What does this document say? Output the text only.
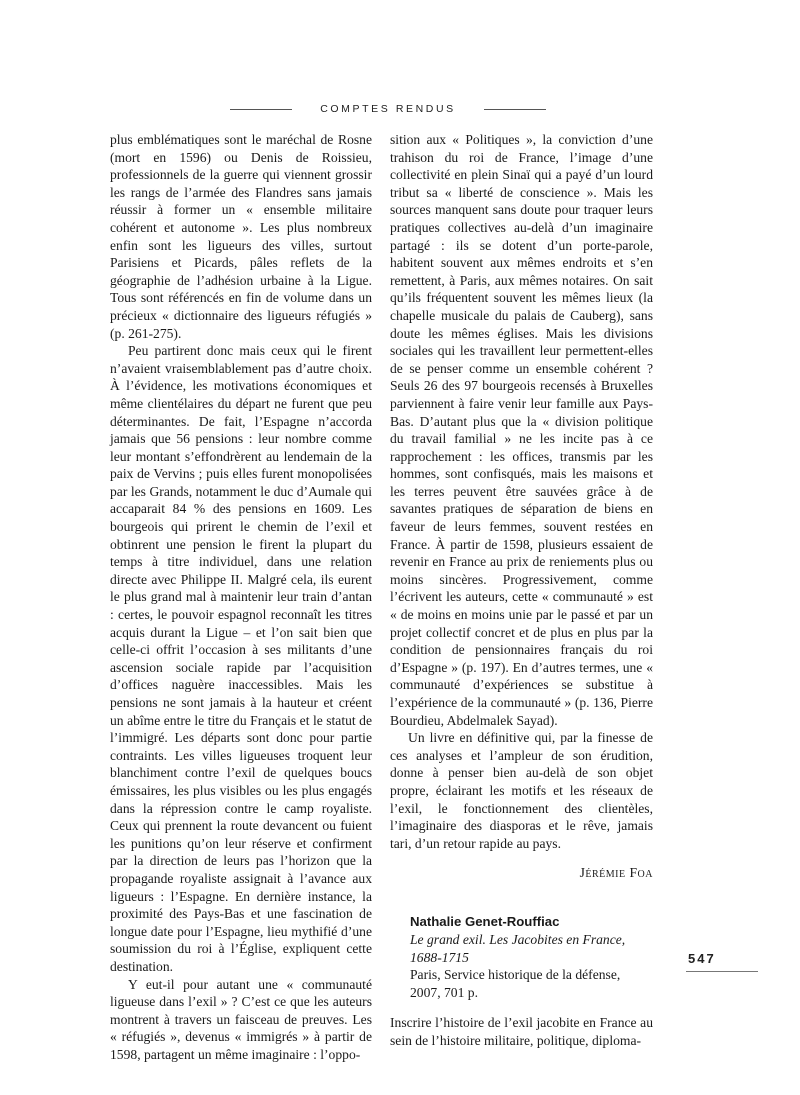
COMPTES RENDUS

plus emblématiques sont le maréchal de Rosne (mort en 1596) ou Denis de Roissieu, professionnels de la guerre qui viennent grossir les rangs de l’armée des Flandres sans jamais réussir à former un « ensemble militaire cohérent et autonome ». Les plus nombreux enfin sont les ligueurs des villes, surtout Parisiens et Picards, pâles reflets de la géographie de l’adhésion urbaine à la Ligue. Tous sont référencés en fin de volume dans un précieux « dictionnaire des ligueurs réfugiés » (p. 261-275).

Peu partirent donc mais ceux qui le firent n’avaient vraisemblablement pas d’autre choix. À l’évidence, les motivations économiques et même clientélaires du départ ne furent que peu déterminantes. De fait, l’Espagne n’accorda jamais que 56 pensions : leur nombre comme leur montant s’effondrèrent au lendemain de la paix de Vervins ; puis elles furent monopolisées par les Grands, notamment le duc d’Aumale qui accaparait 84 % des pensions en 1609. Les bourgeois qui prirent le chemin de l’exil et obtinrent une pension le firent la plupart du temps à titre individuel, dans une relation directe avec Philippe II. Malgré cela, ils eurent le plus grand mal à maintenir leur train d’antan : certes, le pouvoir espagnol reconnaît les titres acquis durant la Ligue – et l’on sait bien que celle-ci offrit l’occasion à ses militants d’une ascension sociale rapide par l’acquisition d’offices naguère inaccessibles. Mais les pensions ne sont jamais à la hauteur et créent un abîme entre le titre du Français et le statut de l’immigré. Les départs sont donc pour partie contraints. Les villes ligueuses troquent leur blanchiment contre l’exil de quelques boucs émissaires, les plus visibles ou les plus engagés dans la répression contre le camp royaliste. Ceux qui prennent la route devancent ou fuient les punitions qu’on leur réserve et confirment par la direction de leurs pas l’horizon que la propagande royaliste assignait à l’avance aux ligueurs : l’Espagne. En dernière instance, la proximité des Pays-Bas et une fascination de longue date pour l’Espagne, lieu mythifié d’une soumission du roi à l’Église, expliquent cette destination.

Y eut-il pour autant une « communauté ligueuse dans l’exil » ? C’est ce que les auteurs montrent à travers un faisceau de preuves. Les « réfugiés », devenus « immigrés » à partir de 1598, partagent un même imaginaire : l’oppo-

sition aux « Politiques », la conviction d’une trahison du roi de France, l’image d’une collectivité en plein Sinaï qui a payé d’un lourd tribut sa « liberté de conscience ». Mais les sources manquent sans doute pour traquer leurs pratiques collectives au-delà d’un imaginaire partagé : ils se dotent d’un porte-parole, habitent souvent aux mêmes endroits et s’en remettent, à Paris, aux mêmes notaires. On sait qu’ils fréquentent souvent les mêmes lieux (la chapelle musicale du palais de Cauberg), sans doute les mêmes églises. Mais les divisions sociales qui les travaillent leur permettent-elles de se penser comme un ensemble cohérent ? Seuls 26 des 97 bourgeois recensés à Bruxelles parviennent à faire venir leur famille aux Pays-Bas. D’autant plus que la « division politique du travail familial » ne les incite pas à ce rapprochement : les offices, transmis par les hommes, sont confisqués, mais les maisons et les terres peuvent être sauvées grâce à de savantes pratiques de séparation de biens en faveur de leurs femmes, souvent restées en France. À partir de 1598, plusieurs essaient de revenir en France au prix de reniements plus ou moins sincères. Progressivement, comme l’écrivent les auteurs, cette « communauté » est « de moins en moins unie par le passé et par un projet collectif concret et de plus en plus par la condition de pensionnaires français du roi d’Espagne » (p. 197). En d’autres termes, une « communauté d’expériences se substitue à l’expérience de la communauté » (p. 136, Pierre Bourdieu, Abdelmalek Sayad).

Un livre en définitive qui, par la finesse de ces analyses et l’ampleur de son érudition, donne à penser bien au-delà de son objet propre, éclairant les motifs et les réseaux de l’exil, le fonctionnement des clientèles, l’imaginaire des diasporas et le rêve, jamais tari, d’un retour rapide au pays.

Jérémie Foa

Nathalie Genet-Rouffiac
Le grand exil. Les Jacobites en France,
1688-1715
Paris, Service historique de la défense,
2007, 701 p.

Inscrire l’histoire de l’exil jacobite en France au sein de l’histoire militaire, politique, diploma-

547
